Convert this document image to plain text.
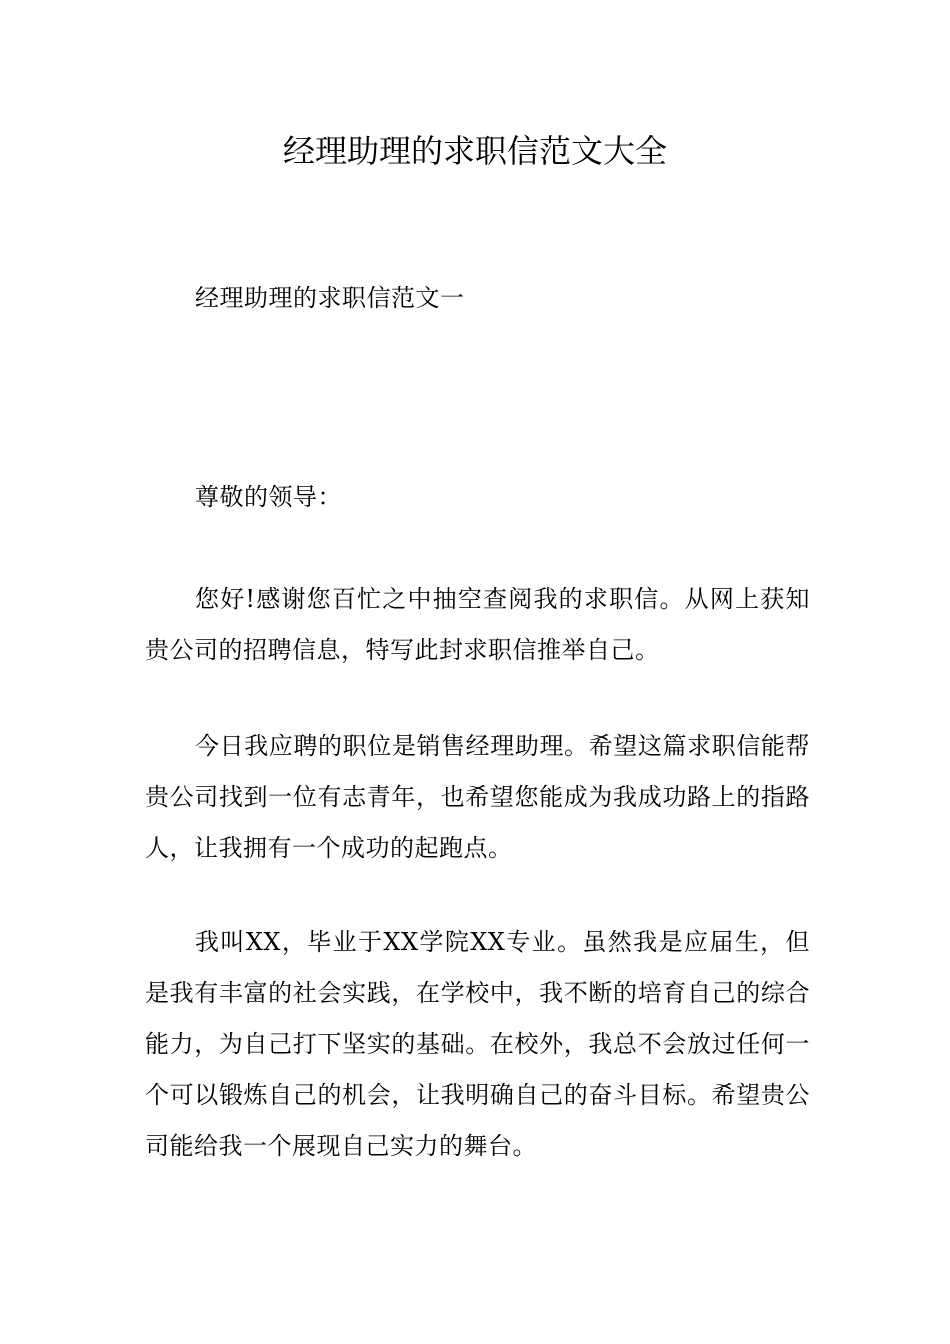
经理助理的求职信范文大全

经理助理的求职信范文一

尊敬的领导：

您好!感谢您百忙之中抽空查阅我的求职信。从网上获知贵公司的招聘信息，特写此封求职信推举自己。

今日我应聘的职位是销售经理助理。希望这篇求职信能帮贵公司找到一位有志青年，也希望您能成为我成功路上的指路人，让我拥有一个成功的起跑点。

我叫XX，毕业于XX学院XX专业。虽然我是应届生，但是我有丰富的社会实践，在学校中，我不断的培育自己的综合能力，为自己打下坚实的基础。在校外，我总不会放过任何一个可以锻炼自己的机会，让我明确自己的奋斗目标。希望贵公司能给我一个展现自己实力的舞台。
